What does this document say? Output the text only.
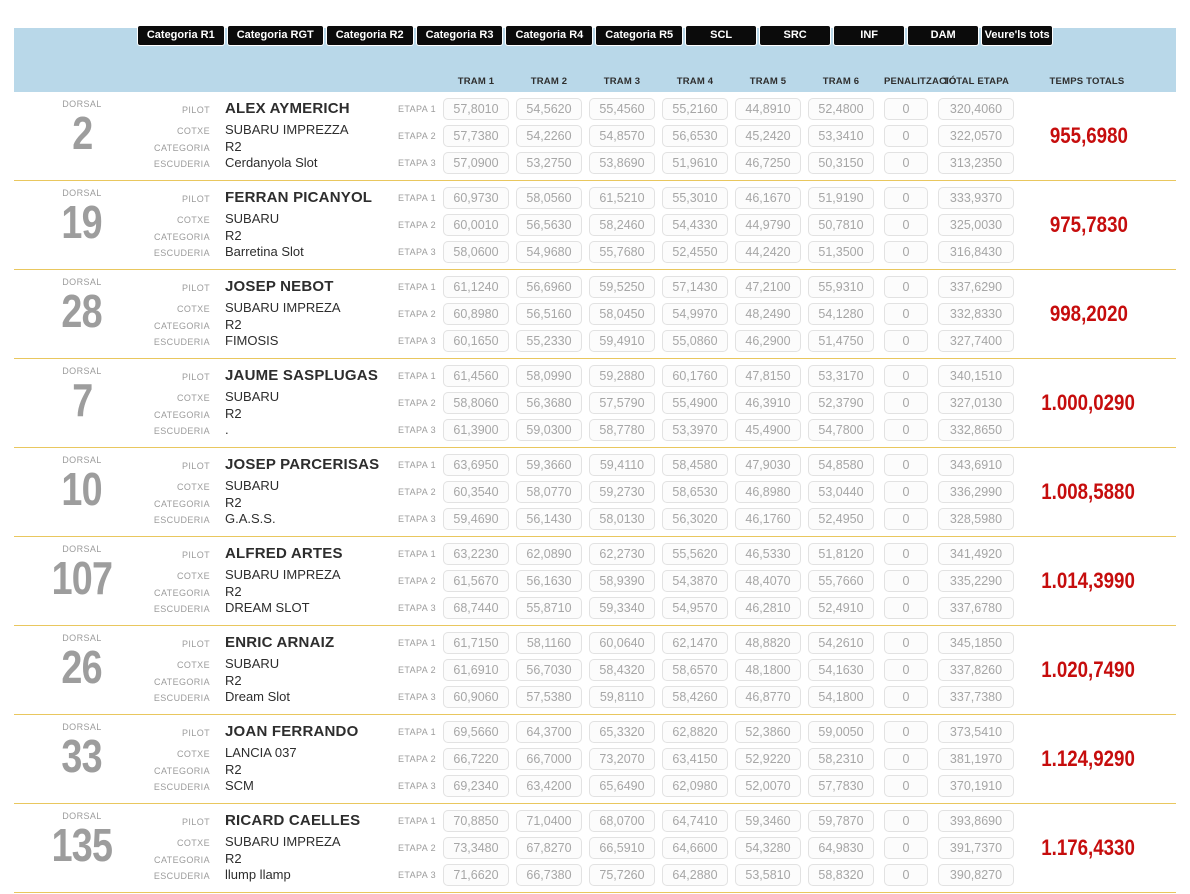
Categoria R1	Categoria RGT	Categoria R2	Categoria R3	Categoria R4	Categoria R5	SCL	SRC	INF	DAM	Veure'ls tots
TRAM 1	TRAM 2	TRAM 3	TRAM 4	TRAM 5	TRAM 6	PENALITZACIÓ
TOTAL ETAPA	TEMPS TOTALS
DORSAL
2	PILOT ALEX AYMERICH
COTXE SUBARU IMPREZZA
CATEGORIA R2
ESCUDERIA Cerdanyola Slot
ETAPA 1	57,8010	54,5620	55,4560	55,2160	44,8910	52,4800	0	320,4060
ETAPA 2	57,7380	54,2260	54,8570	56,6530	45,2420	53,3410	0	322,0570
ETAPA 3	57,0900	53,2750	53,8690	51,9610	46,7250	50,3150	0	313,2350
955,6980
DORSAL
19	PILOT FERRAN PICANYOL
COTXE SUBARU
CATEGORIA R2
ESCUDERIA Barretina Slot
ETAPA 1	60,9730	58,0560	61,5210	55,3010	46,1670	51,9190	0	333,9370
ETAPA 2	60,0010	56,5630	58,2460	54,4330	44,9790	50,7810	0	325,0030
ETAPA 3	58,0600	54,9680	55,7680	52,4550	44,2420	51,3500	0	316,8430
975,7830
DORSAL
28	PILOT JOSEP NEBOT
COTXE SUBARU IMPREZA
CATEGORIA R2
ESCUDERIA FIMOSIS
ETAPA 1	61,1240	56,6960	59,5250	57,1430	47,2100	55,9310	0	337,6290
ETAPA 2	60,8980	56,5160	58,0450	54,9970	48,2490	54,1280	0	332,8330
ETAPA 3	60,1650	55,2330	59,4910	55,0860	46,2900	51,4750	0	327,7400
998,2020
DORSAL
7	PILOT JAUME SASPLUGAS
COTXE SUBARU
CATEGORIA R2
ESCUDERIA .
ETAPA 1	61,4560	58,0990	59,2880	60,1760	47,8150	53,3170	0	340,1510
ETAPA 2	58,8060	56,3680	57,5790	55,4900	46,3910	52,3790	0	327,0130
ETAPA 3	61,3900	59,0300	58,7780	53,3970	45,4900	54,7800	0	332,8650
1.000,0290
DORSAL
10	PILOT JOSEP PARCERISAS
COTXE SUBARU
CATEGORIA R2
ESCUDERIA G.A.S.S.
ETAPA 1	63,6950	59,3660	59,4110	58,4580	47,9030	54,8580	0	343,6910
ETAPA 2	60,3540	58,0770	59,2730	58,6530	46,8980	53,0440	0	336,2990
ETAPA 3	59,4690	56,1430	58,0130	56,3020	46,1760	52,4950	0	328,5980
1.008,5880
DORSAL
107	PILOT ALFRED ARTES
COTXE SUBARU IMPREZA
CATEGORIA R2
ESCUDERIA DREAM SLOT
ETAPA 1	63,2230	62,0890	62,2730	55,5620	46,5330	51,8120	0	341,4920
ETAPA 2	61,5670	56,1630	58,9390	54,3870	48,4070	55,7660	0	335,2290
ETAPA 3	68,7440	55,8710	59,3340	54,9570	46,2810	52,4910	0	337,6780
1.014,3990
DORSAL
26	PILOT ENRIC ARNAIZ
COTXE SUBARU
CATEGORIA R2
ESCUDERIA Dream Slot
ETAPA 1	61,7150	58,1160	60,0640	62,1470	48,8820	54,2610	0	345,1850
ETAPA 2	61,6910	56,7030	58,4320	58,6570	48,1800	54,1630	0	337,8260
ETAPA 3	60,9060	57,5380	59,8110	58,4260	46,8770	54,1800	0	337,7380
1.020,7490
DORSAL
33	PILOT JOAN FERRANDO
COTXE LANCIA 037
CATEGORIA R2
ESCUDERIA SCM
ETAPA 1	69,5660	64,3700	65,3320	62,8820	52,3860	59,0050	0	373,5410
ETAPA 2	66,7220	66,7000	73,2070	63,4150	52,9220	58,2310	0	381,1970
ETAPA 3	69,2340	63,4200	65,6490	62,0980	52,0070	57,7830	0	370,1910
1.124,9290
DORSAL
135	PILOT RICARD CAELLES
COTXE SUBARU IMPREZA
CATEGORIA R2
ESCUDERIA llump llamp
ETAPA 1	70,8850	71,0400	68,0700	64,7410	59,3460	59,7870	0	393,8690
ETAPA 2	73,3480	67,8270	66,5910	64,6600	54,3280	64,9830	0	391,7370
ETAPA 3	71,6620	66,7380	75,7260	64,2880	53,5810	58,8320	0	390,8270
1.176,4330
